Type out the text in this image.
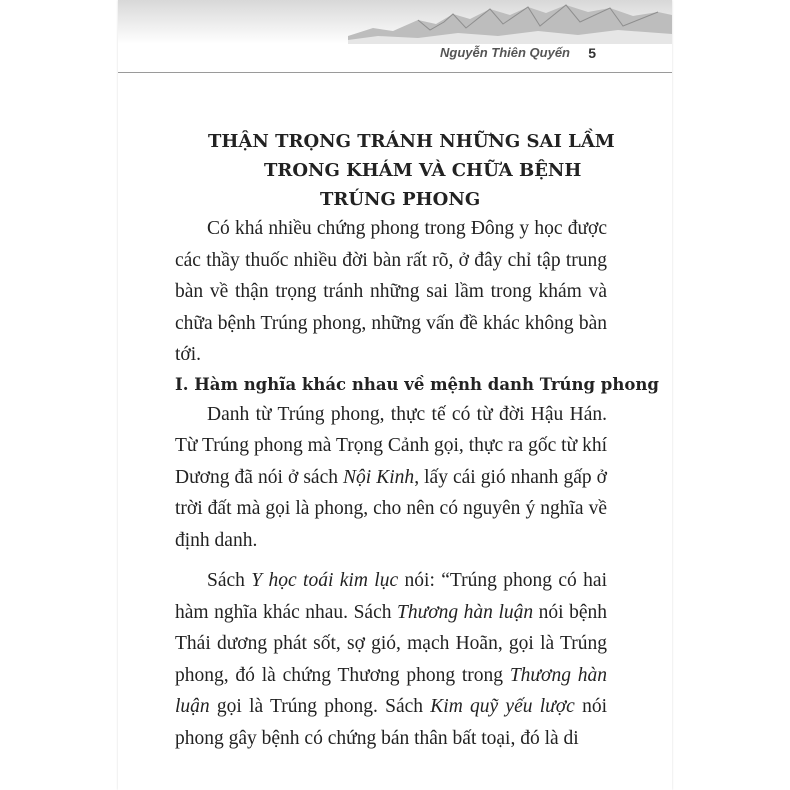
Nguyễn Thiên Quyến 5
THẬN TRỌNG TRÁNH NHỮNG SAI LẦM
TRONG KHÁM VÀ CHỮA BỆNH
TRÚNG PHONG

Có khá nhiều chứng phong trong Đông y học được các thầy thuốc nhiều đời bàn rất rõ, ở đây chỉ tập trung bàn về thận trọng tránh những sai lầm trong khám và chữa bệnh Trúng phong, những vấn đề khác không bàn tới.

I. Hàm nghĩa khác nhau về mệnh danh Trúng phong

Danh từ Trúng phong, thực tế có từ đời Hậu Hán. Từ Trúng phong mà Trọng Cảnh gọi, thực ra gốc từ khí Dương đã nói ở sách Nội Kinh, lấy cái gió nhanh gấp ở trời đất mà gọi là phong, cho nên có nguyên ý nghĩa về định danh.

Sách Y học toái kim lục nói: “Trúng phong có hai hàm nghĩa khác nhau. Sách Thương hàn luận nói bệnh Thái dương phát sốt, sợ gió, mạch Hoãn, gọi là Trúng phong, đó là chứng Thương phong trong Thương hàn luận gọi là Trúng phong. Sách Kim quỹ yếu lược nói phong gây bệnh có chứng bán thân bất toại, đó là di
